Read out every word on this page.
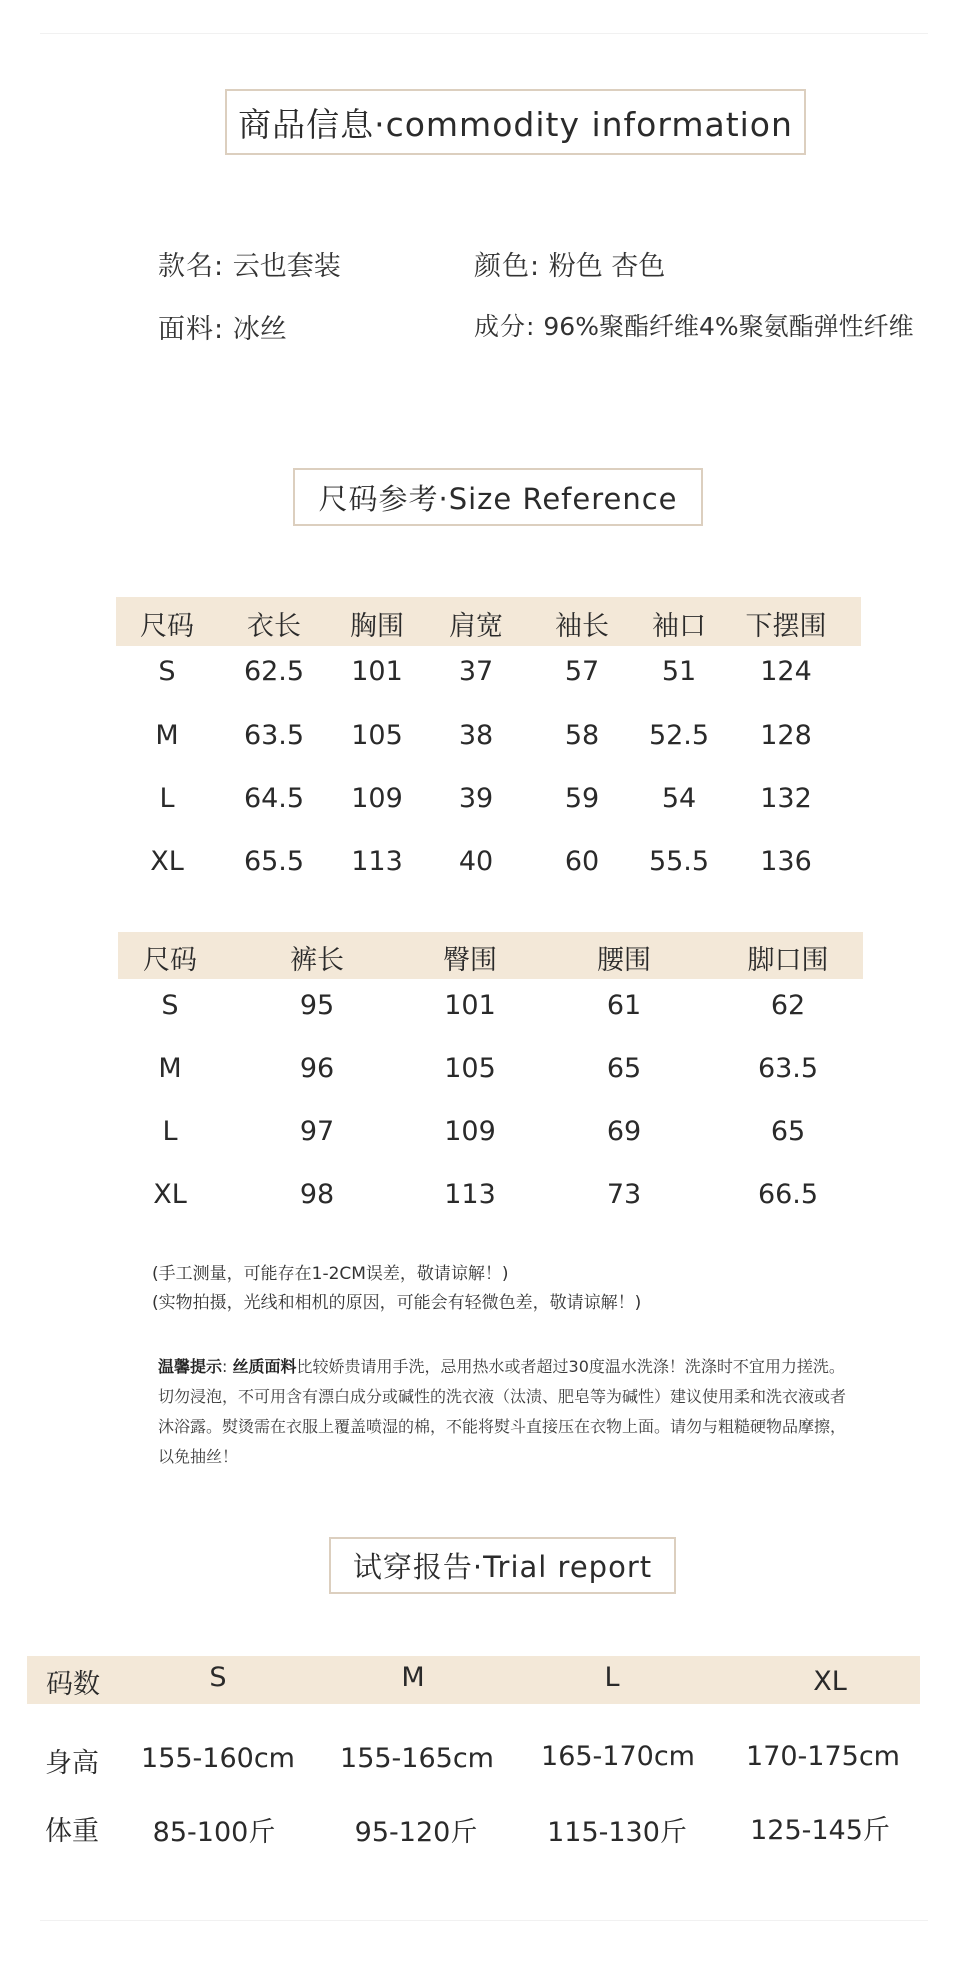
商品信息·commodity information
款名: 云也套装	颜色: 粉色 杏色
面料: 冰丝	成分: 96%聚酯纤维4%聚氨酯弹性纤维
尺码参考·Size Reference
尺码 衣长 胸围 肩宽 袖长 袖口 下摆围
S	62.5 101 37	57 51 124
M 63.5 105 38	58 52.5 128
L	64.5 109 39	59 54 132
XL 65.5 113 40	60 55.5 136
尺码	裤长	臀围	腰围	脚口围
S	95	101	61	62
M	96	105	65	63.5
L	97	109	69	65
XL	98	113	73	66.5
(手工测量，可能存在1-2CM误差，敬请谅解！)
(实物拍摄，光线和相机的原因，可能会有轻微色差，敬请谅解！)
温馨提示: 丝质面料比较娇贵请用手洗，忌用热水或者超过30度温水洗涤！洗涤时不宜用力搓洗。切勿浸泡，不可用含有漂白成分或碱性的洗衣液（汰渍、肥皂等为碱性）建议使用柔和洗衣液或者沐浴露。熨烫需在衣服上覆盖喷湿的棉，不能将熨斗直接压在衣物上面。请勿与粗糙硬物品摩擦，以免抽丝！
试穿报告·Trial report
码数	S	M	L	XL
身高 155-160cm 155-165cm 165-170cm 170-175cm
体重 85-100斤	95-120斤	115-130斤 125-145斤
